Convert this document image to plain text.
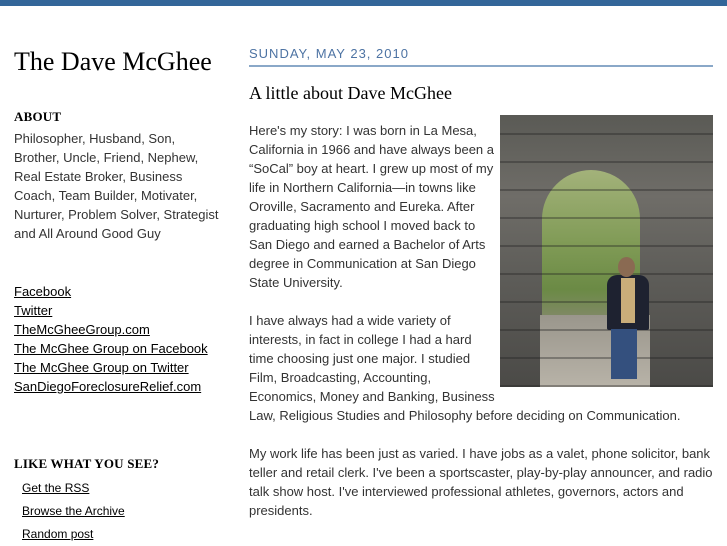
The Dave McGhee
ABOUT
Philosopher, Husband, Son, Brother, Uncle, Friend, Nephew, Real Estate Broker, Business Coach, Team Builder, Motivater, Nurturer, Problem Solver, Strategist and All Around Good Guy
Facebook
Twitter
TheMcGheeGroup.com
The McGhee Group on Facebook
The McGhee Group on Twitter
SanDiegoForeclosureRelief.com
LIKE WHAT YOU SEE?
Get the RSS
Browse the Archive
Random post
SUNDAY, MAY 23, 2010
A little about Dave McGhee

Here's my story: I was born in La Mesa, California in 1966 and have always been a “SoCal” boy at heart. I grew up most of my life in Northern California—in towns like Oroville, Sacramento and Eureka. After graduating high school I moved back to San Diego and earned a Bachelor of Arts degree in Communication at San Diego State University.

I have always had a wide variety of interests, in fact in college I had a hard time choosing just one major. I studied Film, Broadcasting, Accounting, Economics, Money and Banking, Business Law, Religious Studies and Philosophy before deciding on Communication.

My work life has been just as varied. I have jobs as a valet, phone solicitor, bank teller and retail clerk. I've been a sportscaster, play-by-play announcer, and radio talk show host. I've interviewed professional athletes, governors, actors and presidents.
